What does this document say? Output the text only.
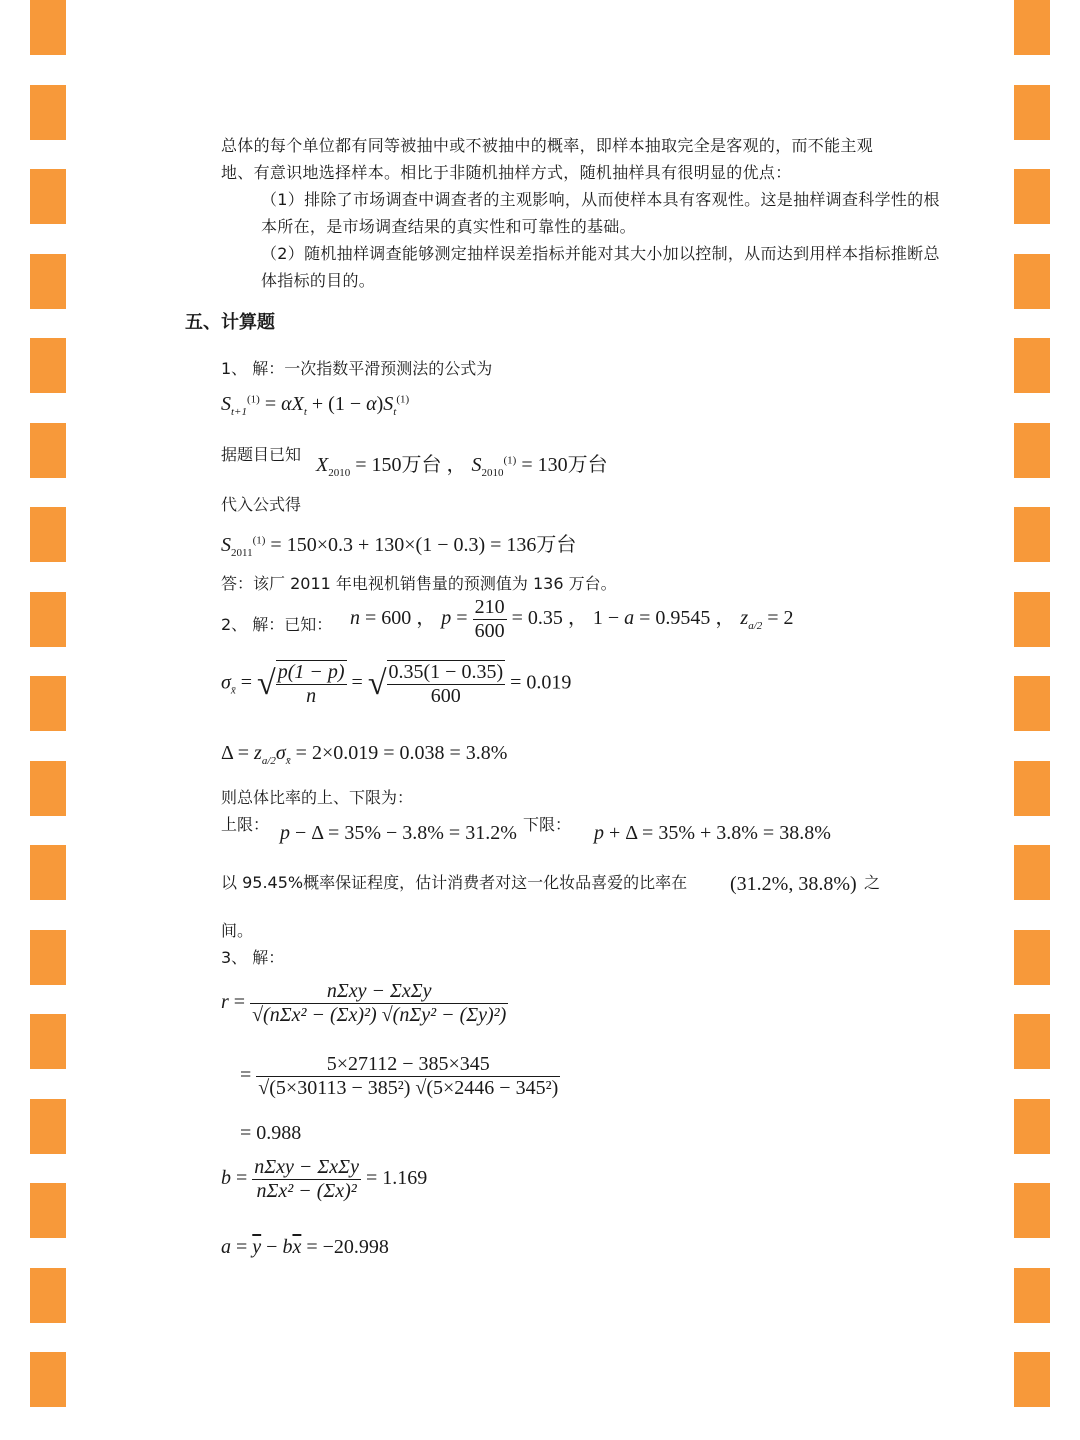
总体的每个单位都有同等被抽中或不被抽中的概率，即样本抽取完全是客观的，而不能主观地、有意识地选择样本。相比于非随机抽样方式，随机抽样具有很明显的优点：
（1）排除了市场调查中调查者的主观影响，从而使样本具有客观性。这是抽样调查科学性的根本所在，是市场调查结果的真实性和可靠性的基础。
（2）随机抽样调查能够测定抽样误差指标并能对其大小加以控制，从而达到用样本指标推断总体指标的目的。
五、计算题
1、 解：一次指数平滑预测法的公式为
$S_{t+1}^{(1)} = \alpha X_t + (1 - \alpha)S_t^{(1)}$
据题目已知 $X_{2010} = 150$万台 ， $S_{2010}^{(1)} = 130$万台
代入公式得
$S_{2011}^{(1)} = 150\times 0.3 + 130\times(1 - 0.3) = 136$万台
答：该厂 2011 年电视机销售量的预测值为 136 万台。
2、 解：已知： n = 600 ， $p = \frac{210}{600} = 0.35$ ， 1 − a = 0.9545 ， $z_{a/2} = 2$
$\sigma_{x̄}$ = √ $\frac{p(1 - p)}{n}$ = √ $\frac{0.35(1 - 0.35)}{600} = 0.019$
$\Delta = z_{a/2}\sigma_{x̄} = 2\times 0.019 = 0.038 = 3.8\%$
则总体比率的上、下限为：
上限： p − Δ = 35% − 3.8% = 31.2% 下限： p + Δ = 35% + 3.8% = 38.8%
以 95.45%概率保证程度，估计消费者对这一化妆品喜爱的比率在 (31.2%, 38.8%) 之
间。
3、 解：
$r = \frac{\text{nΣxy − ΣxΣy}}{\text{√(nΣx² − (Σx)²) √(nΣy² − (Σy)²)}}$
= $\frac{5\times 27112 - 385\times 345}{\text{√(5×30113 − 385²) √(5×2446 − 345²)}}$
= 0.988
$b = \frac{\text{nΣxy − ΣxΣy}}{\text{nΣx² − (Σx)²}} = 1.169$
$a = \overline{y} - b\overline{x} = -20.998$
